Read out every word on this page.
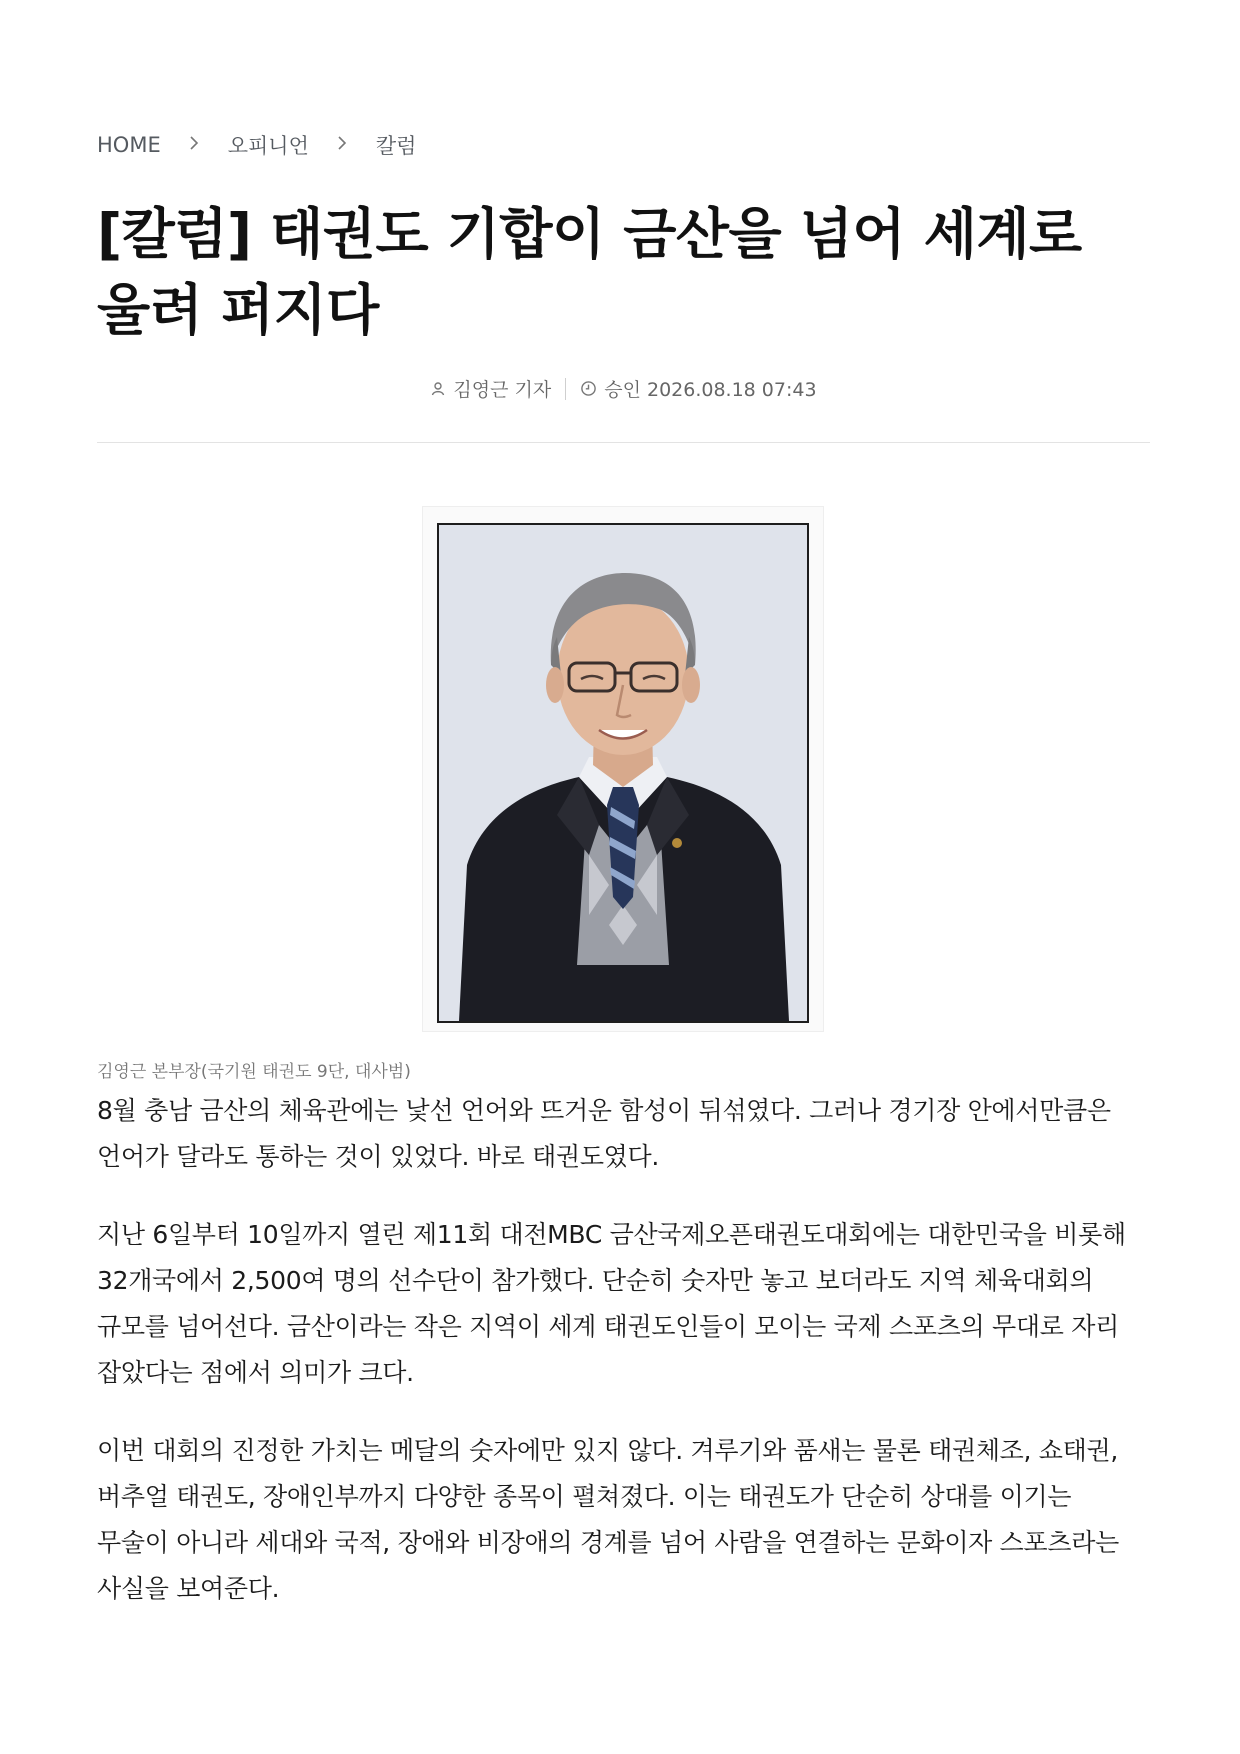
HOME	오피니언	칼럼
[칼럼] 태권도 기합이 금산을 넘어 세계로 울려 퍼지다
김영근 기자	승인 2026.08.18 07:43
김영근 본부장(국기원 태권도 9단, 대사범)

8월 충남 금산의 체육관에는 낯선 언어와 뜨거운 함성이 뒤섞였다. 그러나 경기장 안에서만큼은 언어가 달라도 통하는 것이 있었다. 바로 태권도였다.

지난 6일부터 10일까지 열린 제11회 대전MBC 금산국제오픈태권도대회에는 대한민국을 비롯해 32개국에서 2,500여 명의 선수단이 참가했다. 단순히 숫자만 놓고 보더라도 지역 체육대회의 규모를 넘어선다. 금산이라는 작은 지역이 세계 태권도인들이 모이는 국제 스포츠의 무대로 자리 잡았다는 점에서 의미가 크다.

이번 대회의 진정한 가치는 메달의 숫자에만 있지 않다. 겨루기와 품새는 물론 태권체조, 쇼태권, 버추얼 태권도, 장애인부까지 다양한 종목이 펼쳐졌다. 이는 태권도가 단순히 상대를 이기는 무술이 아니라 세대와 국적, 장애와 비장애의 경계를 넘어 사람을 연결하는 문화이자 스포츠라는 사실을 보여준다.
